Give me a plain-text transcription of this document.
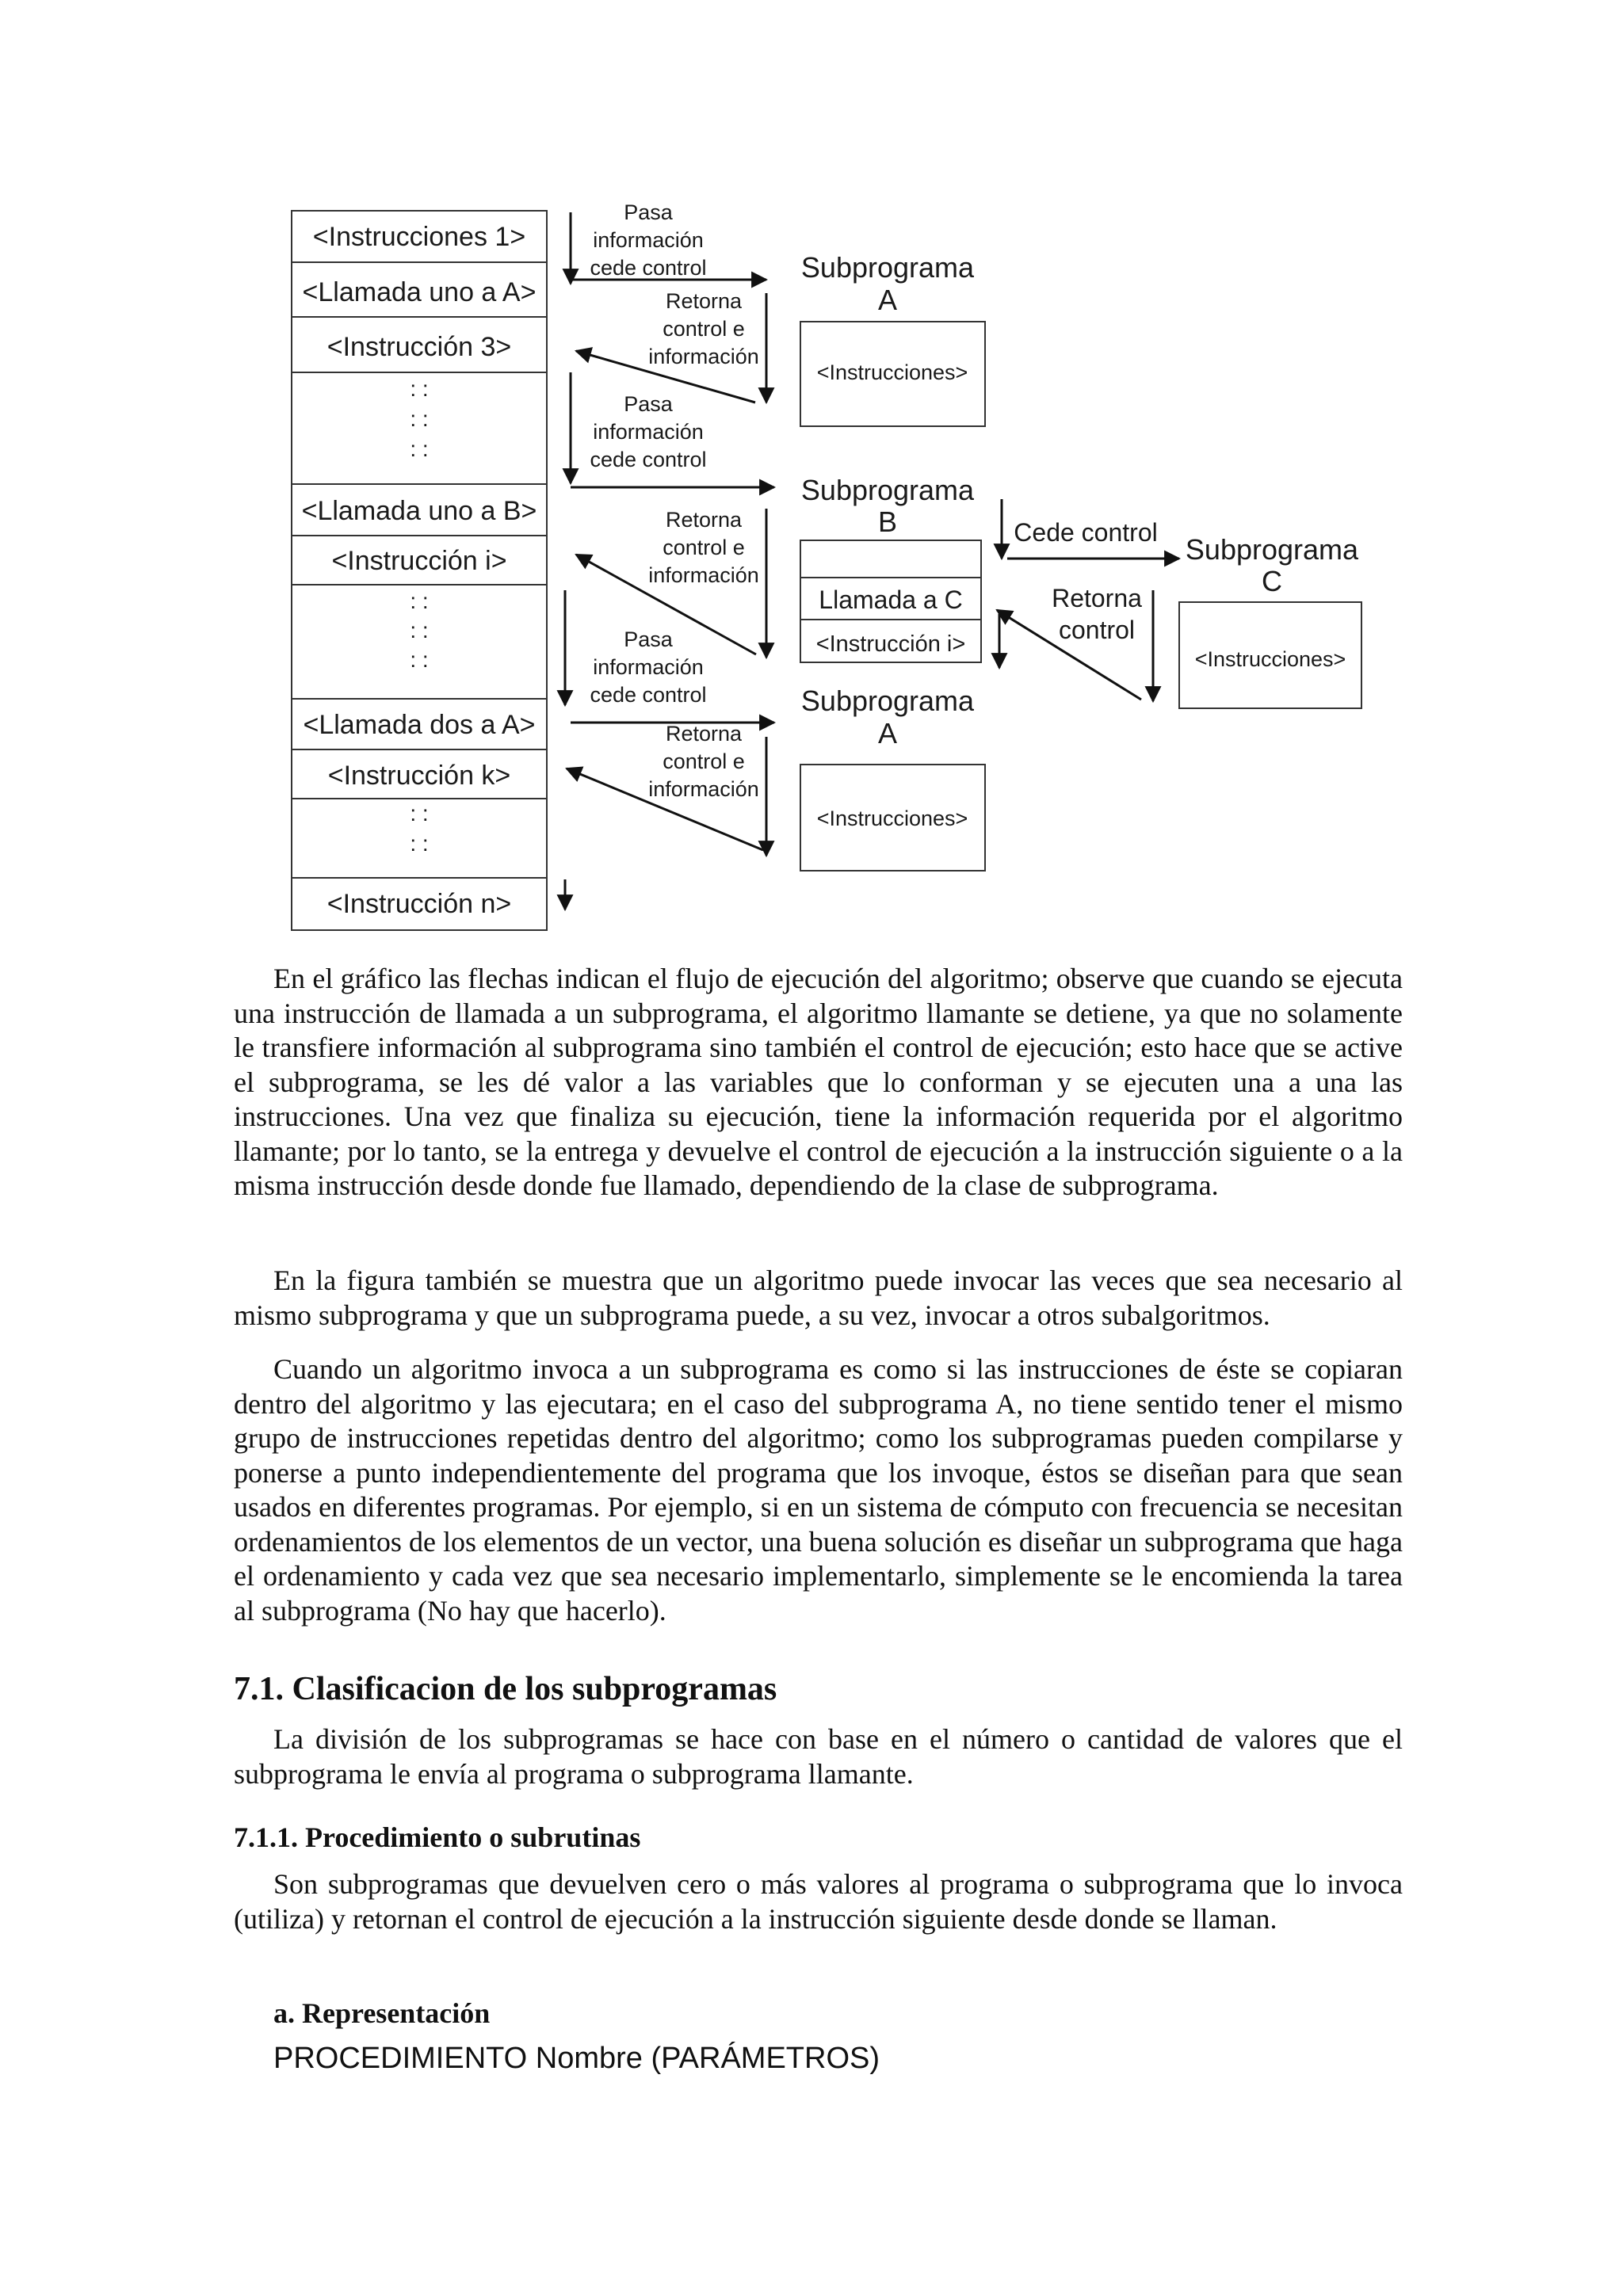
<Instrucciones 1>
<Llamada uno a A>
<Instrucción 3>
: :
: :
: :
<Llamada uno a B>
<Instrucción i>
: :
: :
: :
<Llamada dos a A>
<Instrucción k>
: :
: :
<Instrucción n>
Pasa
información
cede control
Retorna
control e
información
Pasa
información
cede control
Retorna
control e
información
Pasa
información
cede control
Retorna
control e
información
Cede control
Retorna
control
Subprograma
A
<Instrucciones>
Subprograma
B
Llamada a C
<Instrucción i>
Subprograma
C
<Instrucciones>
Subprograma
A
<Instrucciones>

En el gráfico las flechas indican el flujo de ejecución del algoritmo; observe que cuando se ejecuta una instrucción de llamada a un subprograma, el algoritmo llamante se detiene, ya que no solamente le transfiere información al subprograma sino también el control de ejecución; esto hace que se active el subprograma, se les dé valor a las variables que lo conforman y se ejecuten una a una las instrucciones. Una vez que finaliza su ejecución, tiene la información requerida por el algoritmo llamante; por lo tanto, se la entrega y devuelve el control de ejecución a la instrucción siguiente o a la misma instrucción desde donde fue llamado, dependiendo de la clase de subprograma.

En la figura también se muestra que un algoritmo puede invocar las veces que sea necesario al mismo subprograma y que un subprograma puede, a su vez, invocar a otros subalgoritmos.

Cuando un algoritmo invoca a un subprograma es como si las instrucciones de éste se copiaran dentro del algoritmo y las ejecutara; en el caso del subprograma A, no tiene sentido tener el mismo grupo de instrucciones repetidas dentro del algoritmo; como los subprogramas pueden compilarse y ponerse a punto independientemente del programa que los invoque, éstos se diseñan para que sean usados en diferentes programas. Por ejemplo, si en un sistema de cómputo con frecuencia se necesitan ordenamientos de los elementos de un vector, una buena solución es diseñar un subprograma que haga el ordenamiento y cada vez que sea necesario implementarlo, simplemente se le encomienda la tarea al subprograma (No hay que hacerlo).

7.1. Clasificacion de los subprogramas

La división de los subprogramas se hace con base en el número o cantidad de valores que el subprograma le envía al programa o subprograma llamante.

7.1.1. Procedimiento o subrutinas

Son subprogramas que devuelven cero o más valores al programa o subprograma que lo invoca (utiliza) y retornan el control de ejecución a la instrucción siguiente desde donde se llaman.

a. Representación

PROCEDIMIENTO Nombre (PARÁMETROS)
